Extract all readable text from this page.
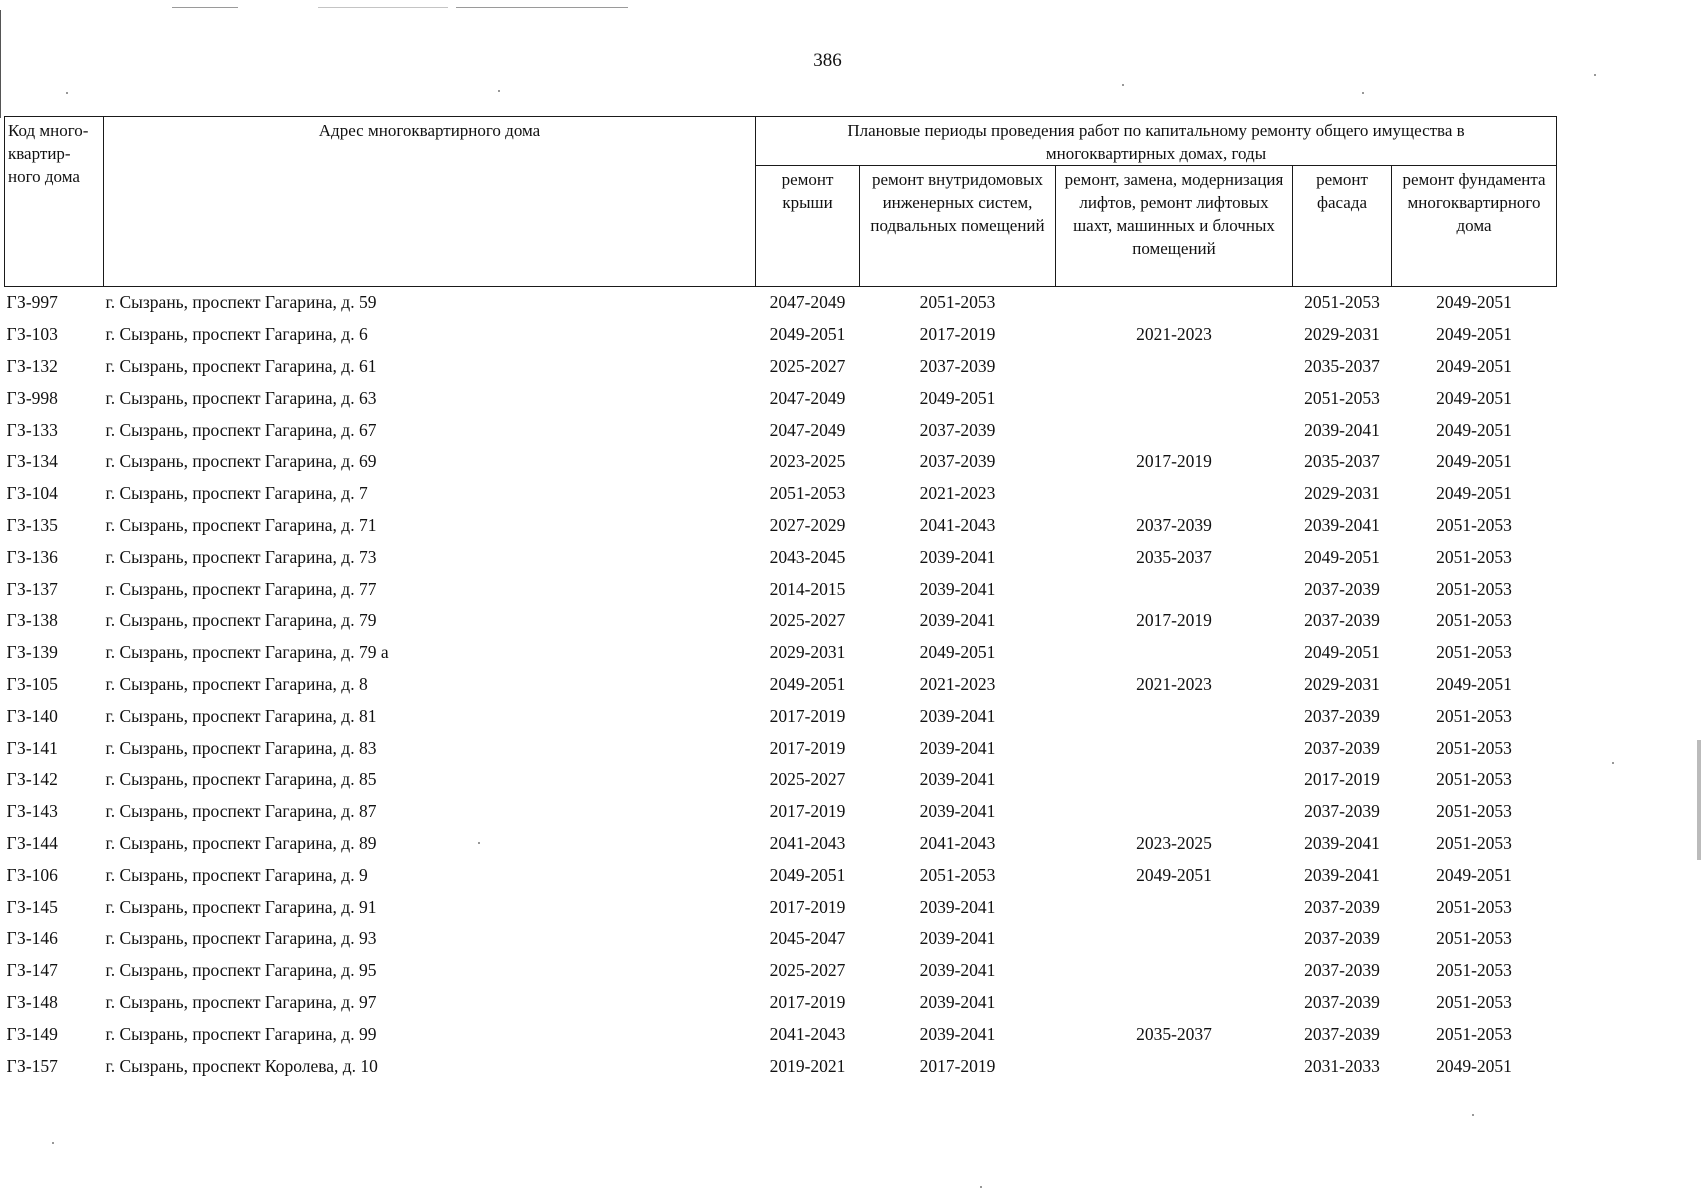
386
Код много-квартир-ного дома	Адрес многоквартирного дома	Плановые периоды проведения работ по капитальному ремонту общего имущества в многоквартирных домах, годы				
		ремонт крыши	ремонт внутридомовых инженерных систем, подвальных помещений	ремонт, замена, модернизация лифтов, ремонт лифтовых шахт, машинных и блочных помещений	ремонт фасада	ремонт фундамента многоквартирного дома
ГЗ-997	г. Сызрань, проспект Гагарина, д. 59	2047-2049	2051-2053		2051-2053	2049-2051
ГЗ-103	г. Сызрань, проспект Гагарина, д. 6	2049-2051	2017-2019	2021-2023	2029-2031	2049-2051
ГЗ-132	г. Сызрань, проспект Гагарина, д. 61	2025-2027	2037-2039		2035-2037	2049-2051
ГЗ-998	г. Сызрань, проспект Гагарина, д. 63	2047-2049	2049-2051		2051-2053	2049-2051
ГЗ-133	г. Сызрань, проспект Гагарина, д. 67	2047-2049	2037-2039		2039-2041	2049-2051
ГЗ-134	г. Сызрань, проспект Гагарина, д. 69	2023-2025	2037-2039	2017-2019	2035-2037	2049-2051
ГЗ-104	г. Сызрань, проспект Гагарина, д. 7	2051-2053	2021-2023		2029-2031	2049-2051
ГЗ-135	г. Сызрань, проспект Гагарина, д. 71	2027-2029	2041-2043	2037-2039	2039-2041	2051-2053
ГЗ-136	г. Сызрань, проспект Гагарина, д. 73	2043-2045	2039-2041	2035-2037	2049-2051	2051-2053
ГЗ-137	г. Сызрань, проспект Гагарина, д. 77	2014-2015	2039-2041		2037-2039	2051-2053
ГЗ-138	г. Сызрань, проспект Гагарина, д. 79	2025-2027	2039-2041	2017-2019	2037-2039	2051-2053
ГЗ-139	г. Сызрань, проспект Гагарина, д. 79 а	2029-2031	2049-2051		2049-2051	2051-2053
ГЗ-105	г. Сызрань, проспект Гагарина, д. 8	2049-2051	2021-2023	2021-2023	2029-2031	2049-2051
ГЗ-140	г. Сызрань, проспект Гагарина, д. 81	2017-2019	2039-2041		2037-2039	2051-2053
ГЗ-141	г. Сызрань, проспект Гагарина, д. 83	2017-2019	2039-2041		2037-2039	2051-2053
ГЗ-142	г. Сызрань, проспект Гагарина, д. 85	2025-2027	2039-2041		2017-2019	2051-2053
ГЗ-143	г. Сызрань, проспект Гагарина, д. 87	2017-2019	2039-2041		2037-2039	2051-2053
ГЗ-144	г. Сызрань, проспект Гагарина, д. 89	2041-2043	2041-2043	2023-2025	2039-2041	2051-2053
ГЗ-106	г. Сызрань, проспект Гагарина, д. 9	2049-2051	2051-2053	2049-2051	2039-2041	2049-2051
ГЗ-145	г. Сызрань, проспект Гагарина, д. 91	2017-2019	2039-2041		2037-2039	2051-2053
ГЗ-146	г. Сызрань, проспект Гагарина, д. 93	2045-2047	2039-2041		2037-2039	2051-2053
ГЗ-147	г. Сызрань, проспект Гагарина, д. 95	2025-2027	2039-2041		2037-2039	2051-2053
ГЗ-148	г. Сызрань, проспект Гагарина, д. 97	2017-2019	2039-2041		2037-2039	2051-2053
ГЗ-149	г. Сызрань, проспект Гагарина, д. 99	2041-2043	2039-2041	2035-2037	2037-2039	2051-2053
ГЗ-157	г. Сызрань, проспект Королева, д. 10	2019-2021	2017-2019		2031-2033	2049-2051
